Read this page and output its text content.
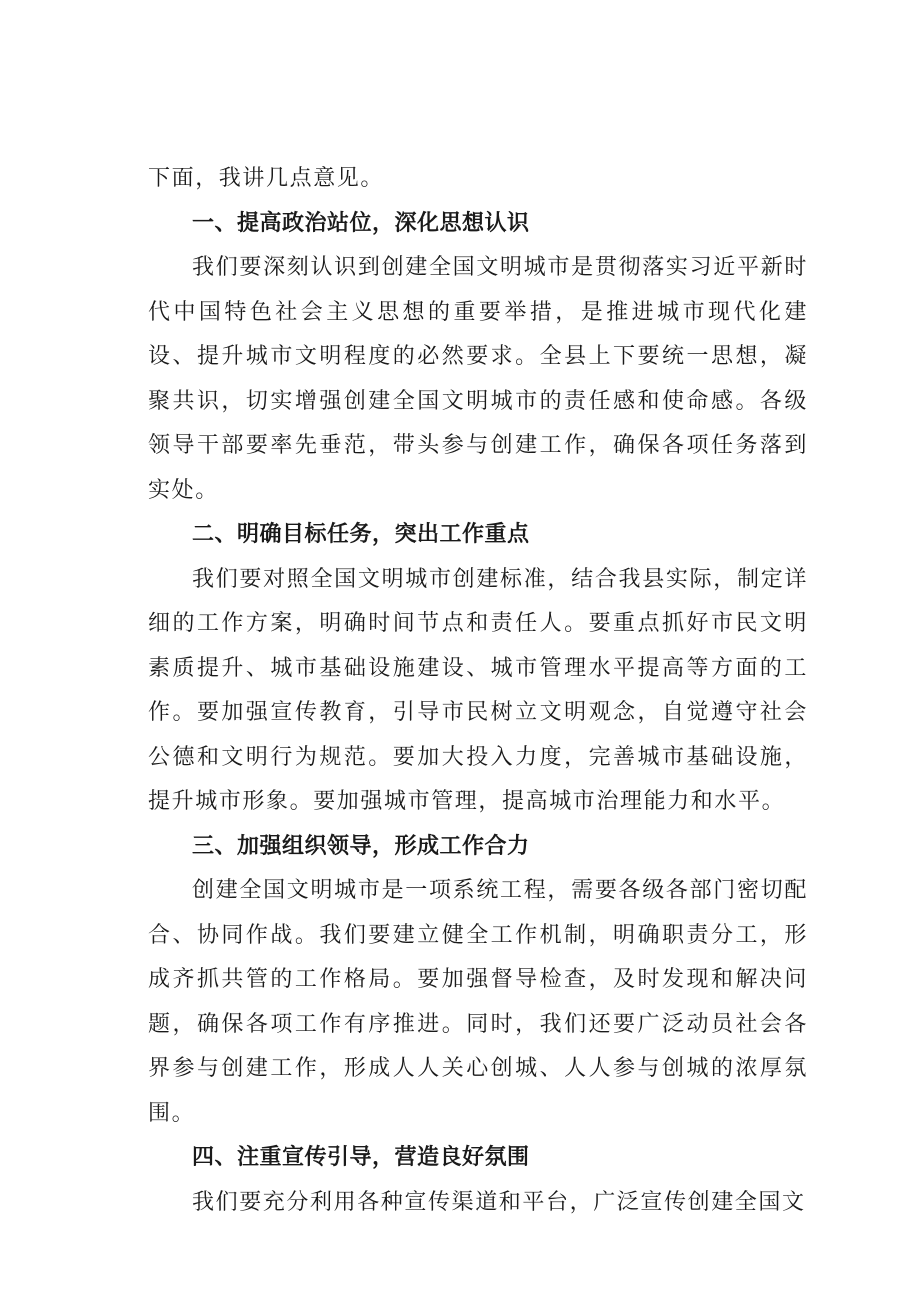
下面，我讲几点意见。

一、提高政治站位，深化思想认识

我们要深刻认识到创建全国文明城市是贯彻落实习近平新时代中国特色社会主义思想的重要举措，是推进城市现代化建设、提升城市文明程度的必然要求。全县上下要统一思想，凝聚共识，切实增强创建全国文明城市的责任感和使命感。各级领导干部要率先垂范，带头参与创建工作，确保各项任务落到实处。

二、明确目标任务，突出工作重点

我们要对照全国文明城市创建标准，结合我县实际，制定详细的工作方案，明确时间节点和责任人。要重点抓好市民文明素质提升、城市基础设施建设、城市管理水平提高等方面的工作。要加强宣传教育，引导市民树立文明观念，自觉遵守社会公德和文明行为规范。要加大投入力度，完善城市基础设施，提升城市形象。要加强城市管理，提高城市治理能力和水平。

三、加强组织领导，形成工作合力

创建全国文明城市是一项系统工程，需要各级各部门密切配合、协同作战。我们要建立健全工作机制，明确职责分工，形成齐抓共管的工作格局。要加强督导检查，及时发现和解决问题，确保各项工作有序推进。同时，我们还要广泛动员社会各界参与创建工作，形成人人关心创城、人人参与创城的浓厚氛围。

四、注重宣传引导，营造良好氛围

我们要充分利用各种宣传渠道和平台，广泛宣传创建全国文
